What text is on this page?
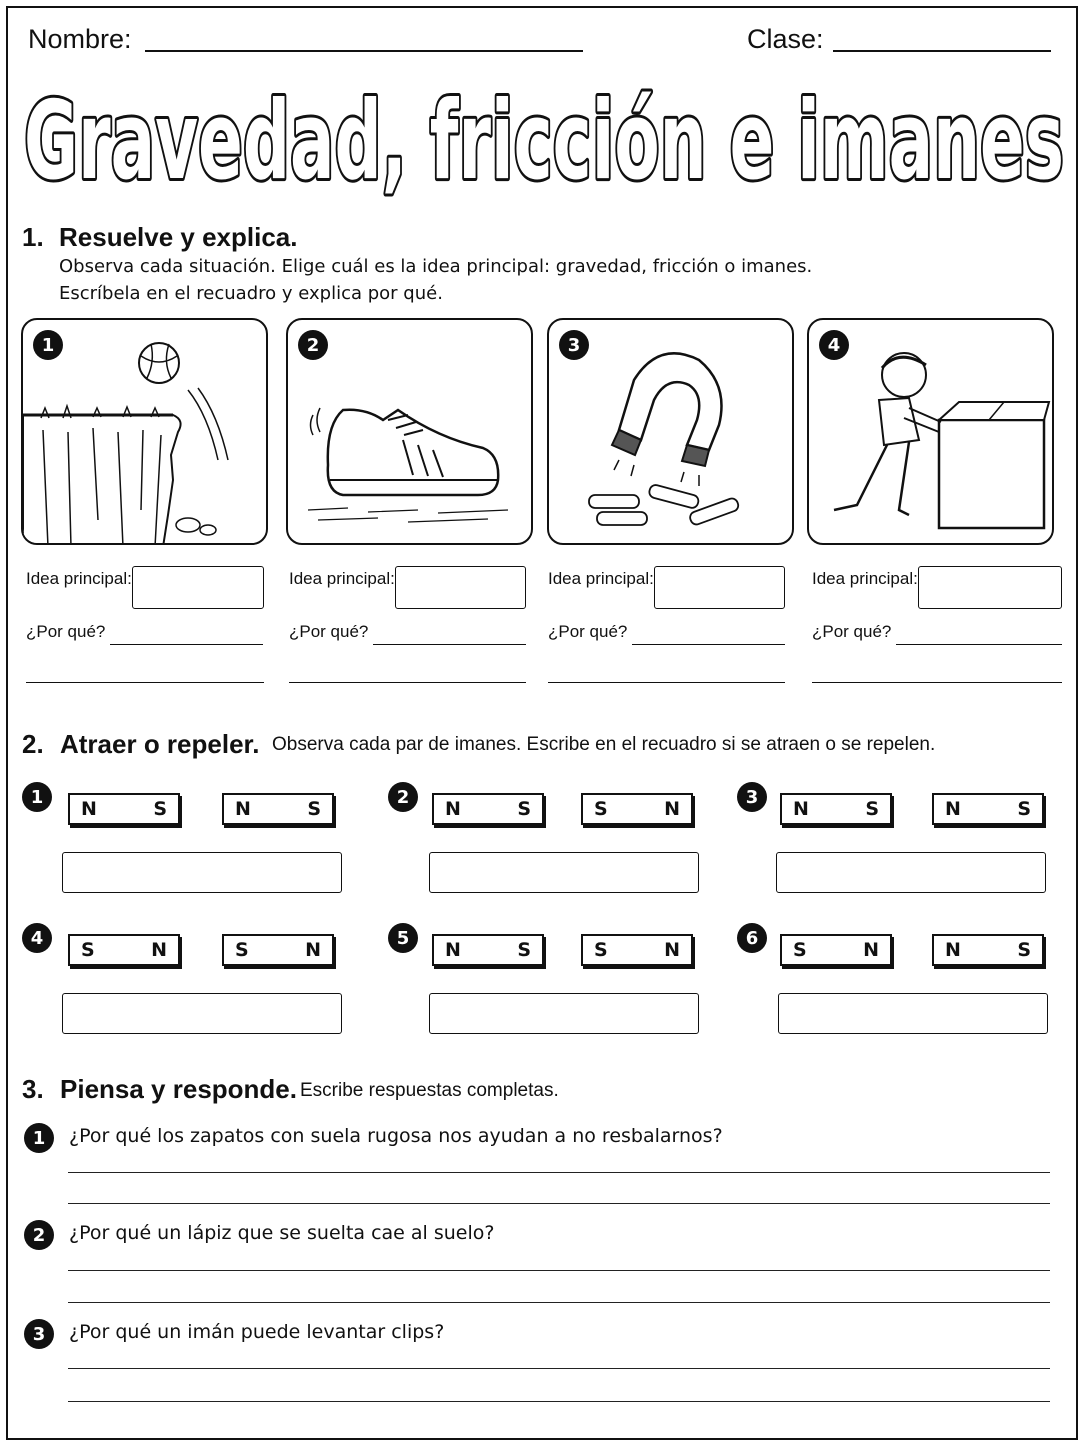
Nombre:	Clase:
Gravedad, fricción e imanes
1. Resuelve y explica.
Observa cada situación. Elige cuál es la idea principal: gravedad, fricción o imanes.
Escríbela en el recuadro y explica por qué.
1	2	3	4
Idea principal:
¿Por qué?
Idea principal:
¿Por qué?
Idea principal:
¿Por qué?
Idea principal:
¿Por qué?
2. Atraer o repeler. Observa cada par de imanes. Escribe en el recuadro si se atraen o se repelen.
1
N	S	N	S
2
N	S	S	N
3
N	S	N	S
4
S	N	S	N
5
N	S	S	N
6
S	N	N	S
3. Piensa y responde. Escribe respuestas completas.
1	¿Por qué los zapatos con suela rugosa nos ayudan a no resbalarnos?
2	¿Por qué un lápiz que se suelta cae al suelo?
3	¿Por qué un imán puede levantar clips?
